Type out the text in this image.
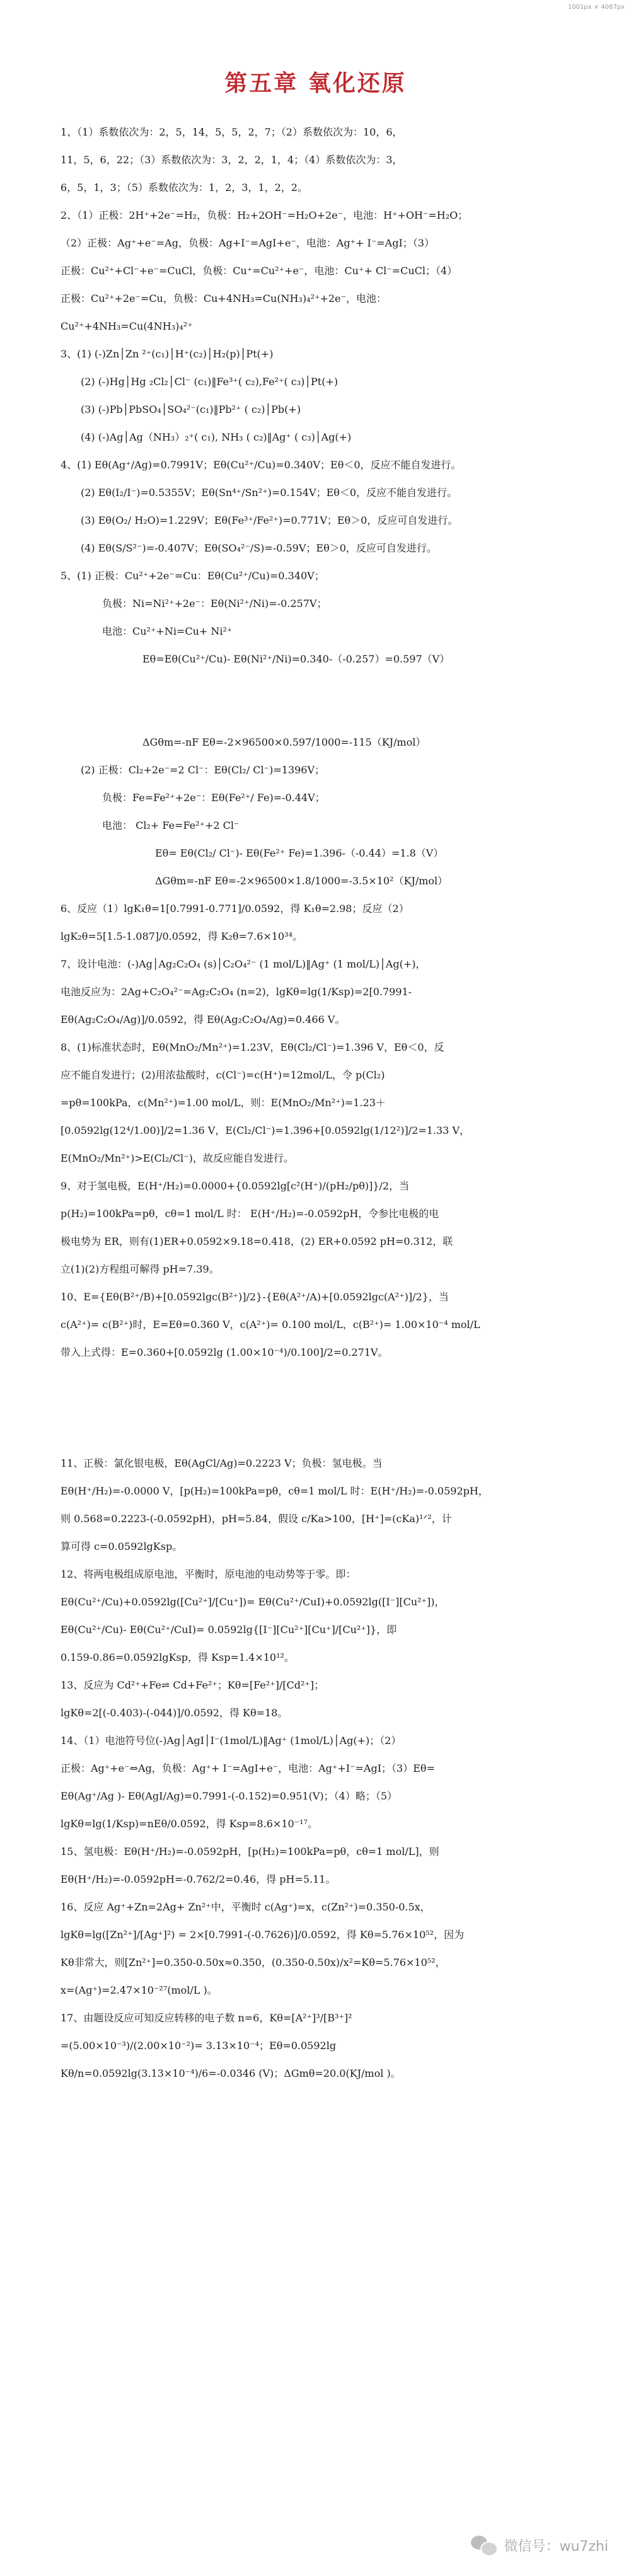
1001px × 4087px
第五章 氧化还原
1、（1）系数依次为：2，5，14，5，5，2，7；（2）系数依次为：10，6，
11，5，6，22；（3）系数依次为：3，2，2，1，4；（4）系数依次为：3，
6，5，1，3；（5）系数依次为：1，2，3，1，2，2。
2、（1）正极：2H⁺+2e⁻=H₂，负极：H₂+2OH⁻=H₂O+2e⁻，电池：H⁺+OH⁻=H₂O；
（2）正极：Ag⁺+e⁻=Ag，负极：Ag+I⁻=AgI+e⁻，电池：Ag⁺+ I⁻=AgI；（3）
正极：Cu²⁺+Cl⁻+e⁻=CuCl，负极：Cu⁺=Cu²⁺+e⁻，电池：Cu⁺+ Cl⁻=CuCl；（4）
正极：Cu²⁺+2e⁻=Cu，负极：Cu+4NH₃=Cu(NH₃)₄²⁺+2e⁻，电池：
Cu²⁺+4NH₃=Cu(4NH₃)₄²⁺
3、(1) (-)Zn│Zn ²⁺(c₁)│H⁺(c₂)│H₂(p)│Pt(+)
(2) (-)Hg│Hg ₂Cl₂│Cl⁻ (c₁)‖Fe³⁺( c₂),Fe²⁺( c₃)│Pt(+)
(3) (-)Pb│PbSO₄│SO₄²⁻(c₁)‖Pb²⁺ ( c₂)│Pb(+)
(4) (-)Ag│Ag（NH₃）₂⁺( c₁), NH₃ ( c₂)‖Ag⁺ ( c₃)│Ag(+)
4、(1) Eθ(Ag⁺/Ag)=0.7991V；Eθ(Cu²⁺/Cu)=0.340V；Eθ＜0，反应不能自发进行。
(2) Eθ(I₂/I⁻)=0.5355V；Eθ(Sn⁴⁺/Sn²⁺)=0.154V；Eθ＜0，反应不能自发进行。
(3) Eθ(O₂/ H₂O)=1.229V；Eθ(Fe³⁺/Fe²⁺)=0.771V；Eθ＞0，反应可自发进行。
(4) Eθ(S/S²⁻)=-0.407V；Eθ(SO₄²⁻/S)=-0.59V；Eθ＞0，反应可自发进行。
5、(1) 正极：Cu²⁺+2e⁻=Cu：Eθ(Cu²⁺/Cu)=0.340V；
负极：Ni=Ni²⁺+2e⁻：Eθ(Ni²⁺/Ni)=-0.257V；
电池：Cu²⁺+Ni=Cu+ Ni²⁺
Eθ=Eθ(Cu²⁺/Cu)- Eθ(Ni²⁺/Ni)=0.340-（-0.257）=0.597（V）
ΔGθm=-nF Eθ=-2×96500×0.597/1000=-115（KJ/mol）
(2) 正极：Cl₂+2e⁻=2 Cl⁻：Eθ(Cl₂/ Cl⁻)=1396V；
负极：Fe=Fe²⁺+2e⁻：Eθ(Fe²⁺/ Fe)=-0.44V；
电池： Cl₂+ Fe=Fe²⁺+2 Cl⁻
Eθ= Eθ(Cl₂/ Cl⁻)- Eθ(Fe²⁺ Fe)=1.396-（-0.44）=1.8（V）
ΔGθm=-nF Eθ=-2×96500×1.8/1000=-3.5×10²（KJ/mol）
6、反应（1）lgK₁θ=1[0.7991-0.771]/0.0592，得 K₁θ=2.98；反应（2）
lgK₂θ=5[1.5-1.087]/0.0592，得 K₂θ=7.6×10³⁴。
7、设计电池：(-)Ag│Ag₂C₂O₄ (s)│C₂O₄²⁻ (1 mol/L)‖Ag⁺ (1 mol/L)│Ag(+)，
电池反应为：2Ag+C₂O₄²⁻=Ag₂C₂O₄ (n=2)，lgKθ=lg(1/Ksp)=2[0.7991-
Eθ(Ag₂C₂O₄/Ag)]/0.0592，得 Eθ(Ag₂C₂O₄/Ag)=0.466 V。
8、(1)标准状态时，Eθ(MnO₂/Mn²⁺)=1.23V，Eθ(Cl₂/Cl⁻)=1.396 V，Eθ＜0，反
应不能自发进行；(2)用浓盐酸时，c(Cl⁻)=c(H⁺)=12mol/L，令 p(Cl₂)
=pθ=100kPa，c(Mn²⁺)=1.00 mol/L，则：E(MnO₂/Mn²⁺)=1.23＋
[0.0592lg(12⁴/1.00)]/2=1.36 V，E(Cl₂/Cl⁻)=1.396+[0.0592lg(1/12²)]/2=1.33 V，
E(MnO₂/Mn²⁺)>E(Cl₂/Cl⁻)，故反应能自发进行。
9、对于氢电极，E(H⁺/H₂)=0.0000+{0.0592lg[c²(H⁺)/(pH₂/pθ)]}/2，当
p(H₂)=100kPa=pθ，cθ=1 mol/L 时： E(H⁺/H₂)=-0.0592pH，令参比电极的电
极电势为 ER，则有(1)ER+0.0592×9.18=0.418，(2) ER+0.0592 pH=0.312，联
立(1)(2)方程组可解得 pH=7.39。
10、E={Eθ(B²⁺/B)+[0.0592lgc(B²⁺)]/2}-{Eθ(A²⁺/A)+[0.0592lgc(A²⁺)]/2}，当
c(A²⁺)= c(B²⁺)时，E=Eθ=0.360 V，c(A²⁺)= 0.100 mol/L，c(B²⁺)= 1.00×10⁻⁴ mol/L
带入上式得：E=0.360+[0.0592lg (1.00×10⁻⁴)/0.100]/2=0.271V。
11、正极：氯化银电极，Eθ(AgCl/Ag)=0.2223 V；负极：氢电极。当
Eθ(H⁺/H₂)=-0.0000 V，[p(H₂)=100kPa=pθ，cθ=1 mol/L 时：E(H⁺/H₂)=-0.0592pH，
则 0.568=0.2223-(-0.0592pH)，pH=5.84，假设 c/Ka>100，[H⁺]=(cKa)¹ᐟ²，计
算可得 c=0.0592lgKsp。
12、将两电极组成原电池，平衡时，原电池的电动势等于零。即：
Eθ(Cu²⁺/Cu)+0.0592lg([Cu²⁺]/[Cu⁺])= Eθ(Cu²⁺/CuI)+0.0592lg([I⁻][Cu²⁺])，
Eθ(Cu²⁺/Cu)- Eθ(Cu²⁺/CuI)= 0.0592lg{[I⁻][Cu²⁺][Cu⁺]/[Cu²⁺]}，即
0.159-0.86=0.0592lgKsp，得 Ksp=1.4×10¹²。
13、反应为 Cd²⁺+Fe⇌ Cd+Fe²⁺；Kθ=[Fe²⁺]/[Cd²⁺]；
lgKθ=2[(-0.403)-(-044)]/0.0592，得 Kθ=18。
14、（1）电池符号位(-)Ag│AgI│I⁻(1mol/L)‖Ag⁺ (1mol/L)│Ag(+)；（2）
正极：Ag⁺+e⁻⇔Ag，负极：Ag⁺+ I⁻=AgI+e⁻，电池：Ag⁺+I⁻=AgI；（3）Eθ=
Eθ(Ag⁺/Ag )- Eθ(AgI/Ag)=0.7991-(-0.152)=0.951(V)；（4）略；（5）
lgKθ=lg(1/Ksp)=nEθ/0.0592，得 Ksp=8.6×10⁻¹⁷。
15、氢电极：Eθ(H⁺/H₂)=-0.0592pH，[p(H₂)=100kPa=pθ，cθ=1 mol/L]，则
Eθ(H⁺/H₂)=-0.0592pH=-0.762/2=0.46，得 pH=5.11。
16、反应 Ag⁺+Zn=2Ag+ Zn²⁺中，平衡时 c(Ag⁺)=x，c(Zn²⁺)=0.350-0.5x，
lgKθ=lg([Zn²⁺]/[Ag⁺]²) = 2×[0.7991-(-0.7626)]/0.0592，得 Kθ=5.76×10⁵²，因为
Kθ非常大，则[Zn²⁺]=0.350-0.50x≈0.350，(0.350-0.50x)/x²=Kθ=5.76×10⁵²，
x=(Ag⁺)=2.47×10⁻²⁷(mol/L )。
17、由题设反应可知反应转移的电子数 n=6，Kθ=[A²⁺]³/[B³⁺]²
=(5.00×10⁻³)/(2.00×10⁻²)= 3.13×10⁻⁴；Eθ=0.0592lg
Kθ/n=0.0592lg(3.13×10⁻⁴)/6=-0.0346 (V)；ΔGmθ=20.0(KJ/mol )。
微信号：wu7zhi
